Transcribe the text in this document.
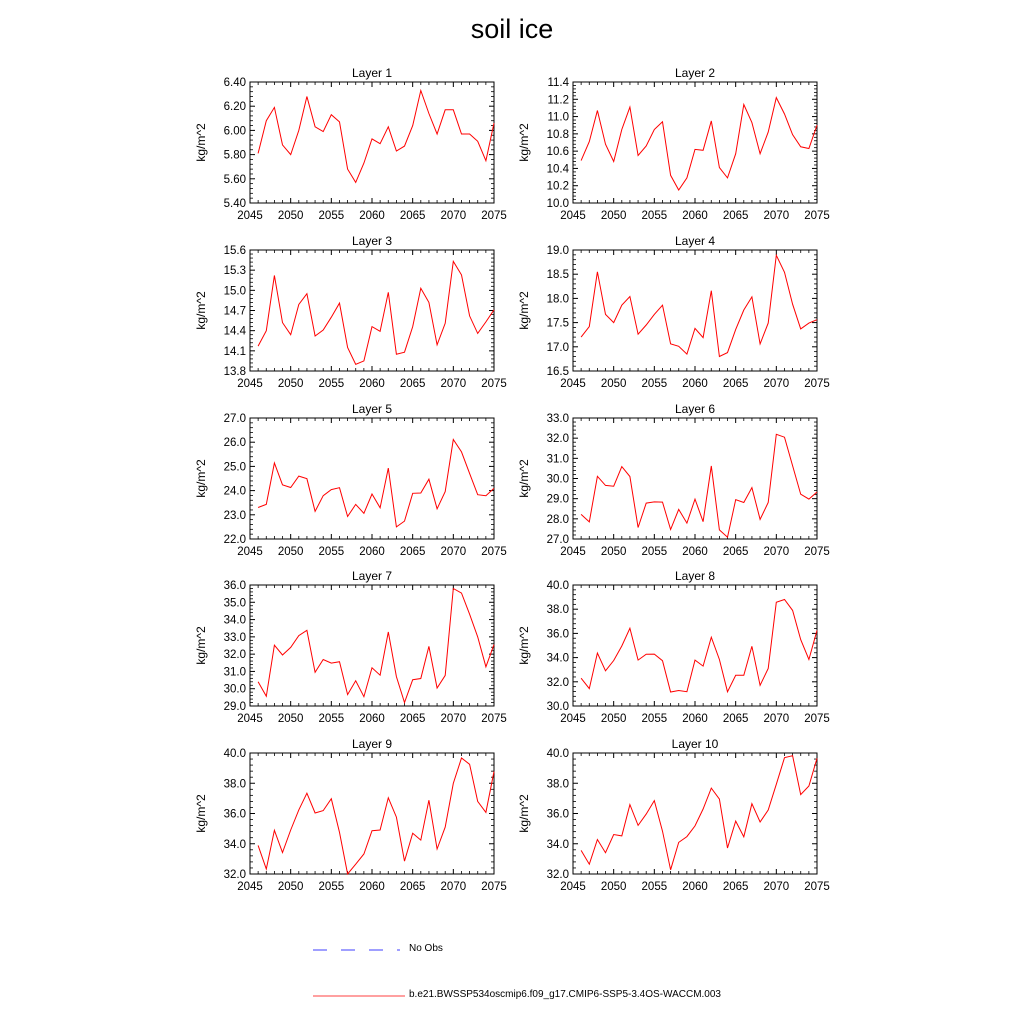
soil ice
Layer 1
kg/m^2
5.40
5.60
5.80
6.00
6.20
6.40
2045 2050 2055 2060 2065 2070 2075
Layer 2
kg/m^2
10.0
10.2
10.4
10.6
10.8
11.0
11.2
11.4
2045 2050 2055 2060 2065 2070 2075
Layer 3
kg/m^2
13.8
14.1
14.4
14.7
15.0
15.3
15.6
2045 2050 2055 2060 2065 2070 2075
Layer 4
kg/m^2
16.5
17.0
17.5
18.0
18.5
19.0
2045 2050 2055 2060 2065 2070 2075
Layer 5
kg/m^2
22.0
23.0
24.0
25.0
26.0
27.0
2045 2050 2055 2060 2065 2070 2075
Layer 6
kg/m^2
27.0
28.0
29.0
30.0
31.0
32.0
33.0
2045 2050 2055 2060 2065 2070 2075
Layer 7
kg/m^2
29.0
30.0
31.0
32.0
33.0
34.0
35.0
36.0
2045 2050 2055 2060 2065 2070 2075
Layer 8
kg/m^2
30.0
32.0
34.0
36.0
38.0
40.0
2045 2050 2055 2060 2065 2070 2075
Layer 9
kg/m^2
32.0
34.0
36.0
38.0
40.0
2045 2050 2055 2060 2065 2070 2075
Layer 10
kg/m^2
32.0
34.0
36.0
38.0
40.0
2045 2050 2055 2060 2065 2070 2075
No Obs
b.e21.BWSSP534oscmip6.f09_g17.CMIP6-SSP5-3.4OS-WACCM.003
